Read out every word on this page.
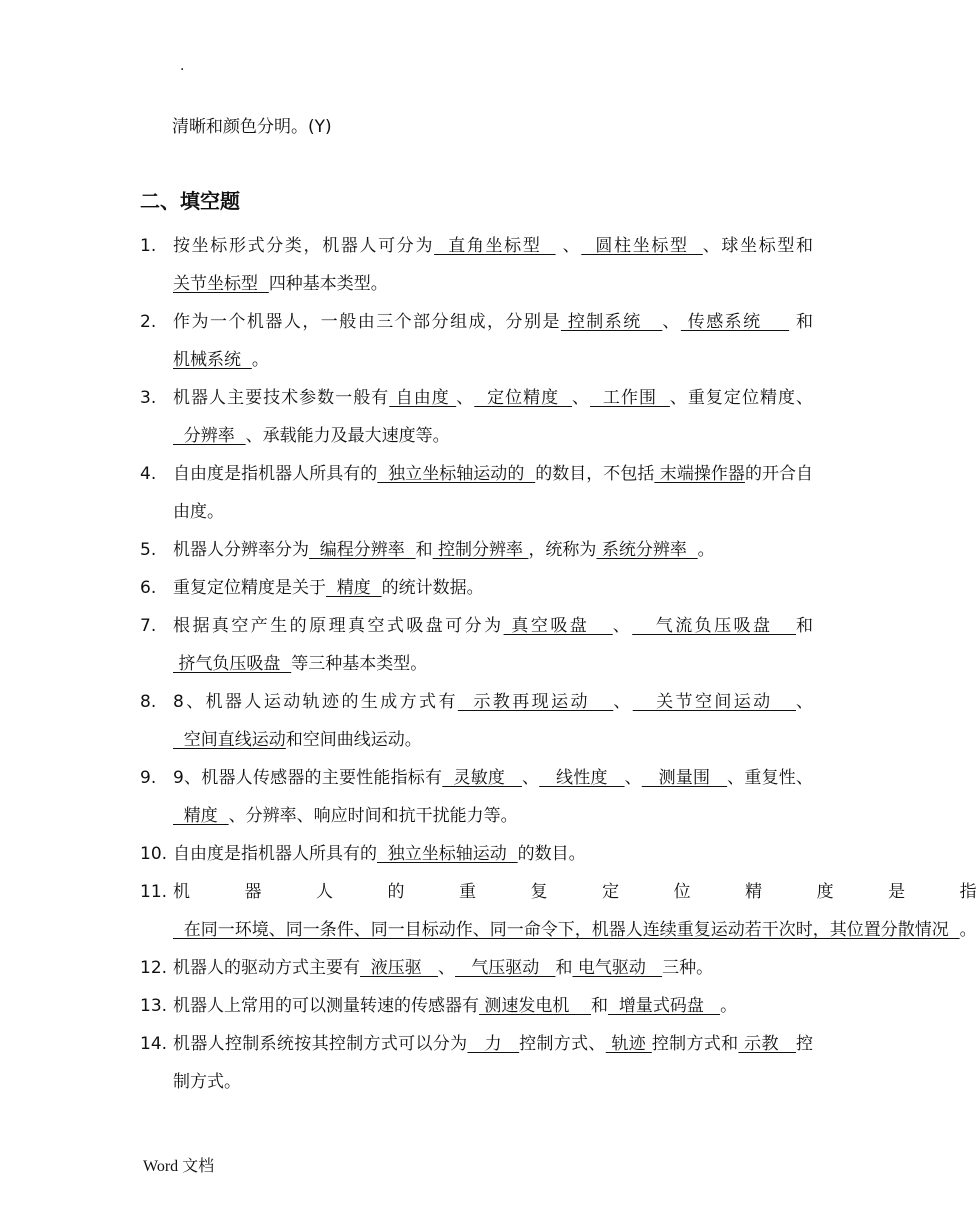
.
清晰和颜色分明。(Y)
二、填空题
1. 按坐标形式分类，机器人可分为  直角坐标型   、  圆柱坐标型  、球坐标型和关节坐标型  四种基本类型。
2. 作为一个机器人，一般由三个部分组成，分别是 控制系统   、 传感系统     和机械系统  。
3. 机器人主要技术参数一般有 自由度 、  定位精度  、  工作围  、重复定位精度、  分辨率  、承载能力及最大速度等。
4. 自由度是指机器人所具有的  独立坐标轴运动的  的数目，不包括 末端操作器的开合自由度。
5. 机器人分辨率分为  编程分辨率  和 控制分辨率 ，统称为 系统分辨率  。
6. 重复定位精度是关于  精度  的统计数据。
7. 根据真空产生的原理真空式吸盘可分为 真空吸盘   、   气流负压吸盘   和 挤气负压吸盘  等三种基本类型。
8. 8、机器人运动轨迹的生成方式有  示教再现运动   、   关节空间运动   、  空间直线运动和空间曲线运动。
9. 9、机器人传感器的主要性能指标有  灵敏度   、   线性度   、   测量围   、重复性、  精度  、分辨率、响应时间和抗干扰能力等。
10. 自由度是指机器人所具有的  独立坐标轴运动  的数目。
11. 机器人的重复定位精度是指  在同一环境、同一条件、同一目标动作、同一命令下，机器人连续重复运动若干次时，其位置分散情况  。
12. 机器人的驱动方式主要有  液压驱   、   气压驱动   和 电气驱动   三种。
13. 机器人上常用的可以测量转速的传感器有 测速发电机    和  增量式码盘   。
14. 机器人控制系统按其控制方式可以分为   力   控制方式、 轨迹 控制方式和 示教   控制方式。
Word 文档
